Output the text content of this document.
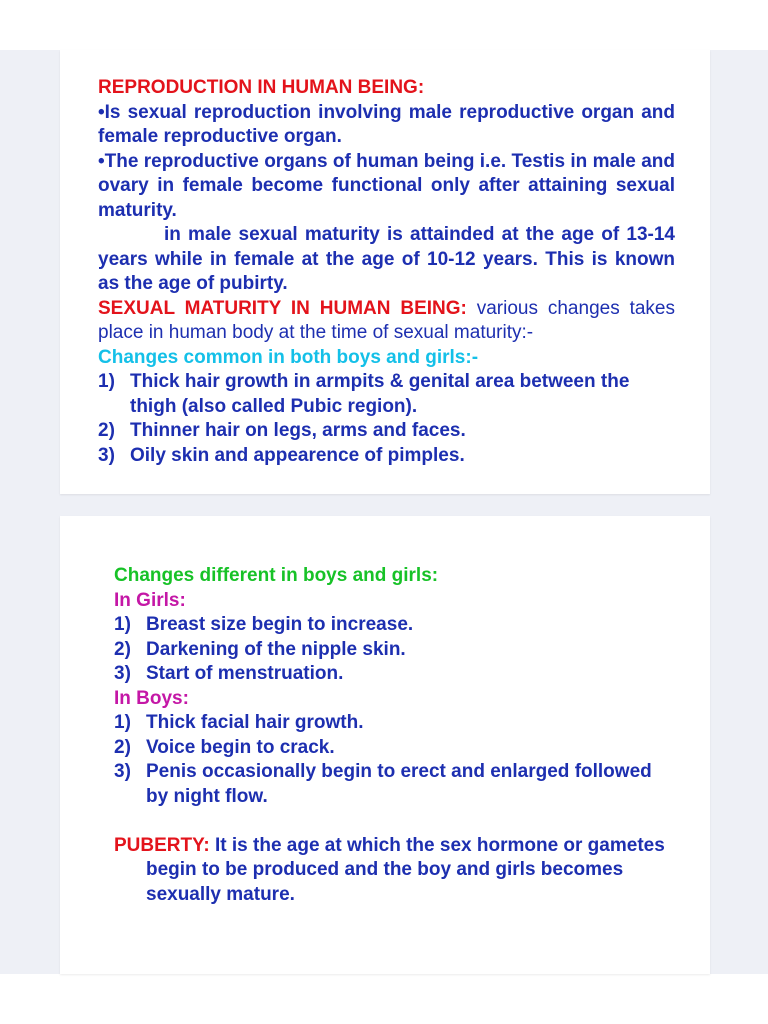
REPRODUCTION IN HUMAN BEING:

•Is sexual reproduction involving male reproductive organ and female reproductive organ.

•The reproductive organs of human being i.e. Testis in male and ovary in female become functional only after attaining sexual maturity.

in male sexual maturity is attainded at the age of 13-14 years while in female at the age of 10-12 years. This is known as the age of pubirty.

SEXUAL MATURITY IN HUMAN BEING: various changes takes place in human body at the time of sexual maturity:-

Changes common in both boys and girls:-

1) Thick hair growth in armpits & genital area between the thigh (also called Pubic region).
2) Thinner hair on legs, arms and faces.
3) Oily skin and appearence of pimples.

Changes different in boys and girls:

In Girls:

1) Breast size begin to increase.
2) Darkening of the nipple skin.
3) Start of menstruation.

In Boys:

1) Thick facial hair growth.
2) Voice begin to crack.
3) Penis occasionally begin to erect and enlarged followed by night flow.

PUBERTY: It is the age at which the sex hormone or gametes begin to be produced and the boy and girls becomes sexually mature.
